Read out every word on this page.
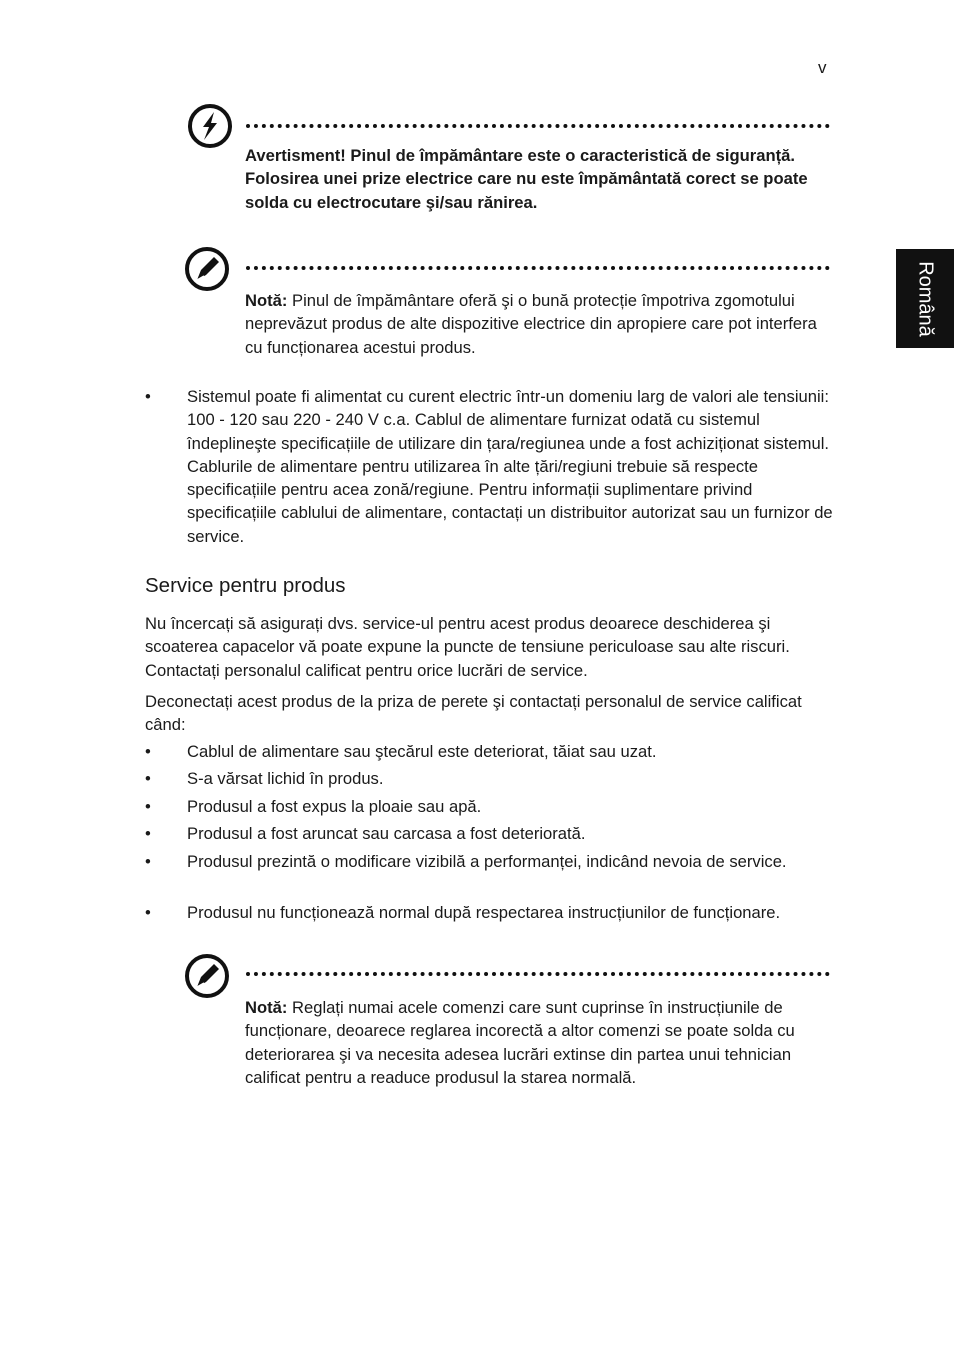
v
Română
Avertisment! Pinul de împământare este o caracteristică de siguranță. Folosirea unei prize electrice care nu este împământată corect se poate solda cu electrocutare şi/sau rănirea.
Notă: Pinul de împământare oferă şi o bună protecție împotriva zgomotului neprevăzut produs de alte dispozitive electrice din apropiere care pot interfera cu funcționarea acestui produs.
• Sistemul poate fi alimentat cu curent electric într-un domeniu larg de valori ale tensiunii: 100 - 120 sau 220 - 240 V c.a. Cablul de alimentare furnizat odată cu sistemul îndeplineşte specificațiile de utilizare din țara/regiunea unde a fost achiziționat sistemul. Cablurile de alimentare pentru utilizarea în alte țări/regiuni trebuie să respecte specificațiile pentru acea zonă/regiune. Pentru informații suplimentare privind specificațiile cablului de alimentare, contactați un distribuitor autorizat sau un furnizor de service.
Service pentru produs
Nu încercați să asigurați dvs. service-ul pentru acest produs deoarece deschiderea şi scoaterea capacelor vă poate expune la puncte de tensiune periculoase sau alte riscuri. Contactați personalul calificat pentru orice lucrări de service.
Deconectați acest produs de la priza de perete şi contactați personalul de service calificat când:
• Cablul de alimentare sau ştecărul este deteriorat, tăiat sau uzat.
• S-a vărsat lichid în produs.
• Produsul a fost expus la ploaie sau apă.
• Produsul a fost aruncat sau carcasa a fost deteriorată.
• Produsul prezintă o modificare vizibilă a performanței, indicând nevoia de service.
• Produsul nu funcționează normal după respectarea instrucțiunilor de funcționare.
Notă: Reglați numai acele comenzi care sunt cuprinse în instrucțiunile de funcționare, deoarece reglarea incorectă a altor comenzi se poate solda cu deteriorarea şi va necesita adesea lucrări extinse din partea unui tehnician calificat pentru a readuce produsul la starea normală.
